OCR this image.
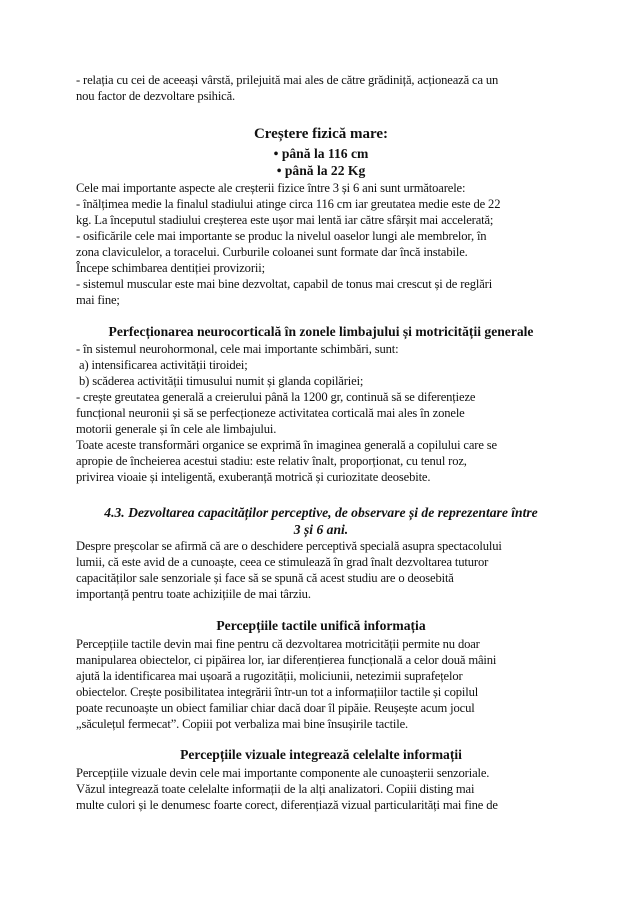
- relația cu cei de aceeași vârstă, prilejuită mai ales de către grădiniță, acționează ca un

nou factor de dezvoltare psihică.

Creștere fizică mare:

• până la 116 cm

• până la 22 Kg

Cele mai importante aspecte ale creșterii fizice între 3 și 6 ani sunt următoarele:

- înălțimea medie la finalul stadiului atinge circa 116 cm iar greutatea medie este de 22

kg. La începutul stadiului creșterea este ușor mai lentă iar către sfârșit mai accelerată;

- osificările cele mai importante se produc la nivelul oaselor lungi ale membrelor, în

zona claviculelor, a toracelui. Curburile coloanei sunt formate dar încă instabile.

Începe schimbarea dentiției provizorii;

- sistemul muscular este mai bine dezvoltat, capabil de tonus mai crescut și de reglări

mai fine;

Perfecționarea neurocorticală în zonele limbajului și motricității generale

- în sistemul neurohormonal, cele mai importante schimbări, sunt:

a) intensificarea activității tiroidei;

b) scăderea activității timusului numit și glanda copilăriei;

- crește greutatea generală a creierului până la 1200 gr, continuă să se diferențieze

funcțional neuronii și să se perfecționeze activitatea corticală mai ales în zonele

motorii generale și în cele ale limbajului.

Toate aceste transformări organice se exprimă în imaginea generală a copilului care se

apropie de încheierea acestui stadiu: este relativ înalt, proporționat, cu tenul roz,

privirea vioaie și inteligentă, exuberanță motrică și curiozitate deosebite.

4.3. Dezvoltarea capacităților perceptive, de observare și de reprezentare între

3 și 6 ani.

Despre preșcolar se afirmă că are o deschidere perceptivă specială asupra spectacolului

lumii, că este avid de a cunoaște, ceea ce stimulează în grad înalt dezvoltarea tuturor

capacităților sale senzoriale și face să se spună că acest studiu are o deosebită

importanță pentru toate achizițiile de mai târziu.

Percepțiile tactile unifică informația

Percepțiile tactile devin mai fine pentru că dezvoltarea motricității permite nu doar

manipularea obiectelor, ci pipăirea lor, iar diferențierea funcțională a celor două mâini

ajută la identificarea mai ușoară a rugozității, moliciunii, netezimii suprafețelor

obiectelor. Crește posibilitatea integrării într-un tot a informațiilor tactile și copilul

poate recunoaște un obiect familiar chiar dacă doar îl pipăie. Reușește acum jocul

„săculețul fermecat”. Copiii pot verbaliza mai bine însușirile tactile.

Percepțiile vizuale integrează celelalte informații

Percepțiile vizuale devin cele mai importante componente ale cunoașterii senzoriale.

Văzul integrează toate celelalte informații de la alți analizatori. Copiii disting mai

multe culori și le denumesc foarte corect, diferențiază vizual particularități mai fine de
